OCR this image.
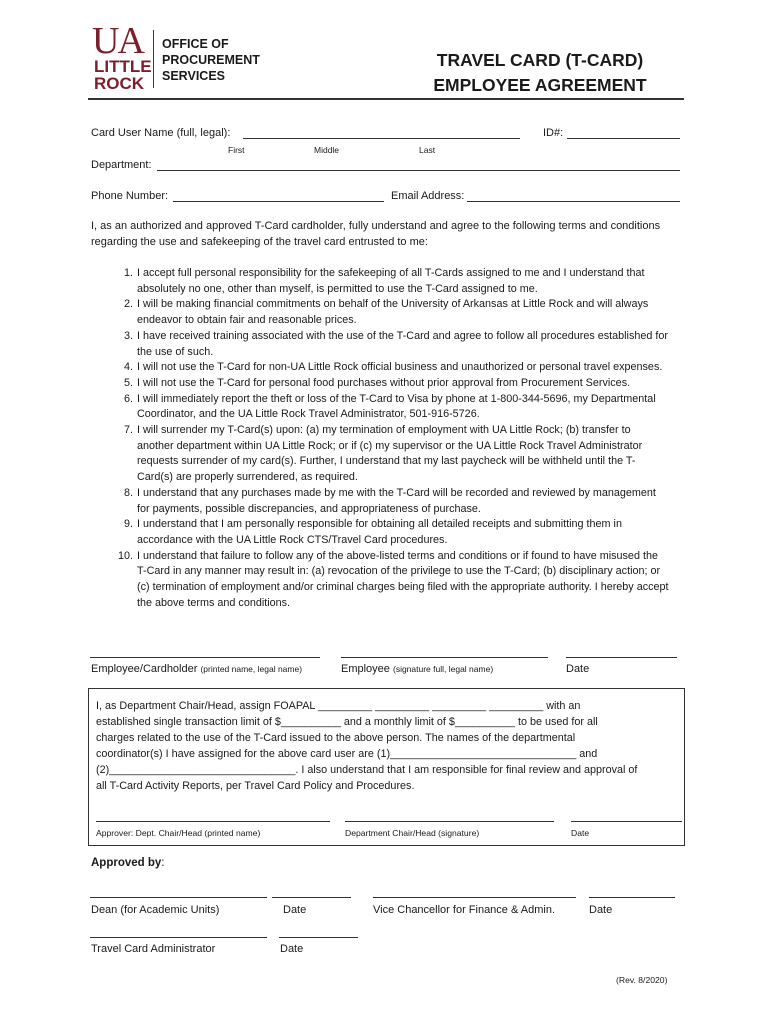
UA
LITTLE
ROCK
OFFICE OF
PROCUREMENT
SERVICES
TRAVEL CARD (T-CARD)
EMPLOYEE AGREEMENT
Card User Name (full, legal):
First	Middle	Last
ID#:
Department:
Phone Number:	Email Address:
I, as an authorized and approved T-Card cardholder, fully understand and agree to the following terms and conditions regarding the use and safekeeping of the travel card entrusted to me:
1. I accept full personal responsibility for the safekeeping of all T-Cards assigned to me and I understand that absolutely no one, other than myself, is permitted to use the T-Card assigned to me.
2. I will be making financial commitments on behalf of the University of Arkansas at Little Rock and will always endeavor to obtain fair and reasonable prices.
3. I have received training associated with the use of the T-Card and agree to follow all procedures established for the use of such.
4. I will not use the T-Card for non-UA Little Rock official business and unauthorized or personal travel expenses.
5. I will not use the T-Card for personal food purchases without prior approval from Procurement Services.
6. I will immediately report the theft or loss of the T-Card to Visa by phone at 1-800-344-5696, my Departmental Coordinator, and the UA Little Rock Travel Administrator, 501-916-5726.
7. I will surrender my T-Card(s) upon: (a) my termination of employment with UA Little Rock; (b) transfer to another department within UA Little Rock; or if (c) my supervisor or the UA Little Rock Travel Administrator requests surrender of my card(s). Further, I understand that my last paycheck will be withheld until the T-Card(s) are properly surrendered, as required.
8. I understand that any purchases made by me with the T-Card will be recorded and reviewed by management for payments, possible discrepancies, and appropriateness of purchase.
9. I understand that I am personally responsible for obtaining all detailed receipts and submitting them in accordance with the UA Little Rock CTS/Travel Card procedures.
10. I understand that failure to follow any of the above-listed terms and conditions or if found to have misused the T-Card in any manner may result in: (a) revocation of the privilege to use the T-Card; (b) disciplinary action; or (c) termination of employment and/or criminal charges being filed with the appropriate authority. I hereby accept the above terms and conditions.
Employee/Cardholder (printed name, legal name)	Employee (signature full, legal name)	Date
I, as Department Chair/Head, assign FOAPAL _________ _________ _________ _________ with an
established single transaction limit of $__________ and a monthly limit of $__________ to be used for all
charges related to the use of the T-Card issued to the above person. The names of the departmental
coordinator(s) I have assigned for the above card user are (1)_______________________________ and
(2)_______________________________. I also understand that I am responsible for final review and approval of
all T-Card Activity Reports, per Travel Card Policy and Procedures.
Approver: Dept. Chair/Head (printed name)	Department Chair/Head (signature)	Date
Approved by:
Dean (for Academic Units)	Date	Vice Chancellor for Finance & Admin.	Date
Travel Card Administrator	Date
(Rev. 8/2020)
